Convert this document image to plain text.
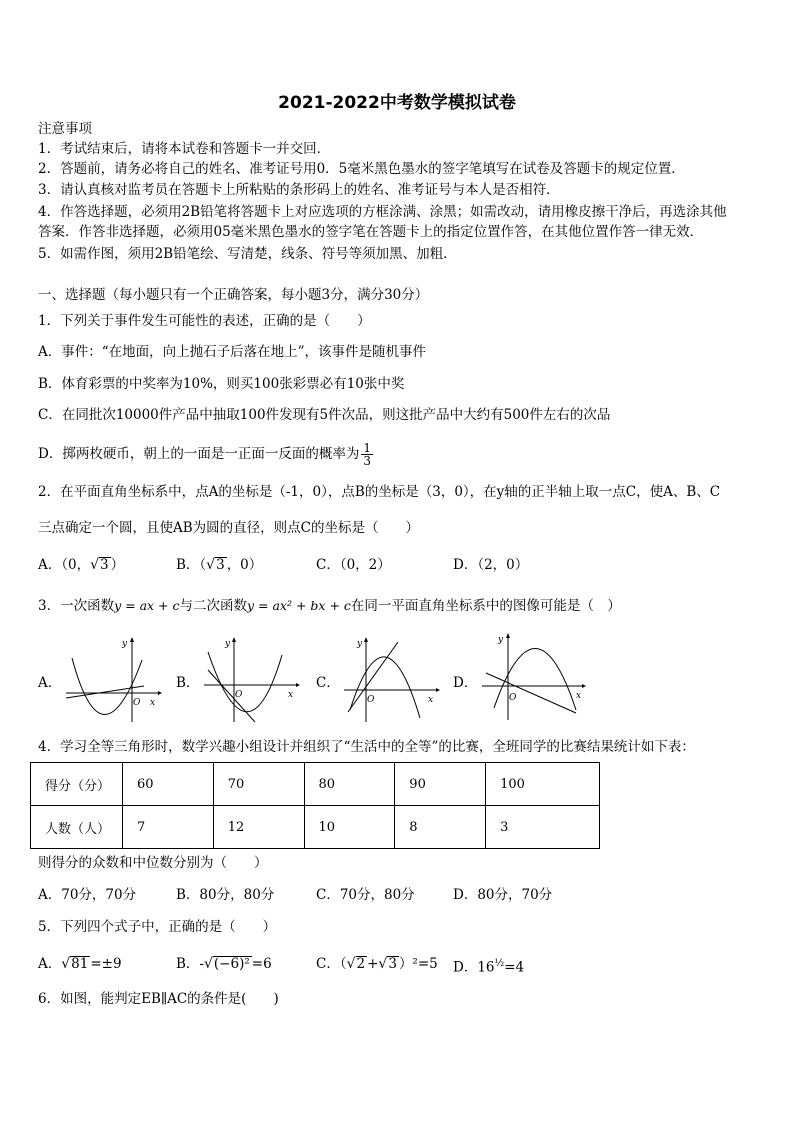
2021-2022中考数学模拟试卷
注意事项
1．考试结束后，请将本试卷和答题卡一并交回．
2．答题前，请务必将自己的姓名、准考证号用0．5毫米黑色墨水的签字笔填写在试卷及答题卡的规定位置．
3．请认真核对监考员在答题卡上所粘贴的条形码上的姓名、准考证号与本人是否相符．
4．作答选择题，必须用2B铅笔将答题卡上对应选项的方框涂满、涂黑；如需改动，请用橡皮擦干净后，再选涂其他
答案．作答非选择题，必须用05毫米黑色墨水的签字笔在答题卡上的指定位置作答，在其他位置作答一律无效．
5．如需作图，须用2B铅笔绘、写清楚，线条、符号等须加黑、加粗．
一、选择题（每小题只有一个正确答案，每小题3分，满分30分）
1．下列关于事件发生可能性的表述，正确的是（　　）
A．事件：“在地面，向上抛石子后落在地上”，该事件是随机事件
B．体育彩票的中奖率为10%，则买100张彩票必有10张中奖
C．在同批次10000件产品中抽取100件发现有5件次品，则这批产品中大约有500件左右的次品
D．掷两枚硬币，朝上的一面是一正面一反面的概率为 $\frac{1}{3}$
2．在平面直角坐标系中，点A的坐标是（-1，0），点B的坐标是（3，0），在y轴的正半轴上取一点C，使A、B、C
三点确定一个圆，且使AB为圆的直径，则点C的坐标是（　　）
A．（0，√3 ）	B．（√3 ，0）	C．（0，2）	D．（2，0）
3．一次函数y = ax + c与二次函数y = ax² + bx + c在同一平面直角坐标系中的图像可能是（　）
A．
y
x
O
B．
y
x
O
C．
y
x
O
D．
y
x
O
4．学习全等三角形时，数学兴趣小组设计并组织了“生活中的全等”的比赛，全班同学的比赛结果统计如下表：
得分（分）	60	70	80	90	100
人数（人）	7	12	10	8	3
则得分的众数和中位数分别为（　　）
A．70分，70分	B．80分，80分	C．70分，80分	D．80分，70分
5．下列四个式子中，正确的是（　　）
A．√81 =±9	B．-√(−6)² =6	C．（√2 +√3 ）²=5 D．$16^{\frac{1}{2}}=4$
6．如图，能判定EB∥AC的条件是(　　)
